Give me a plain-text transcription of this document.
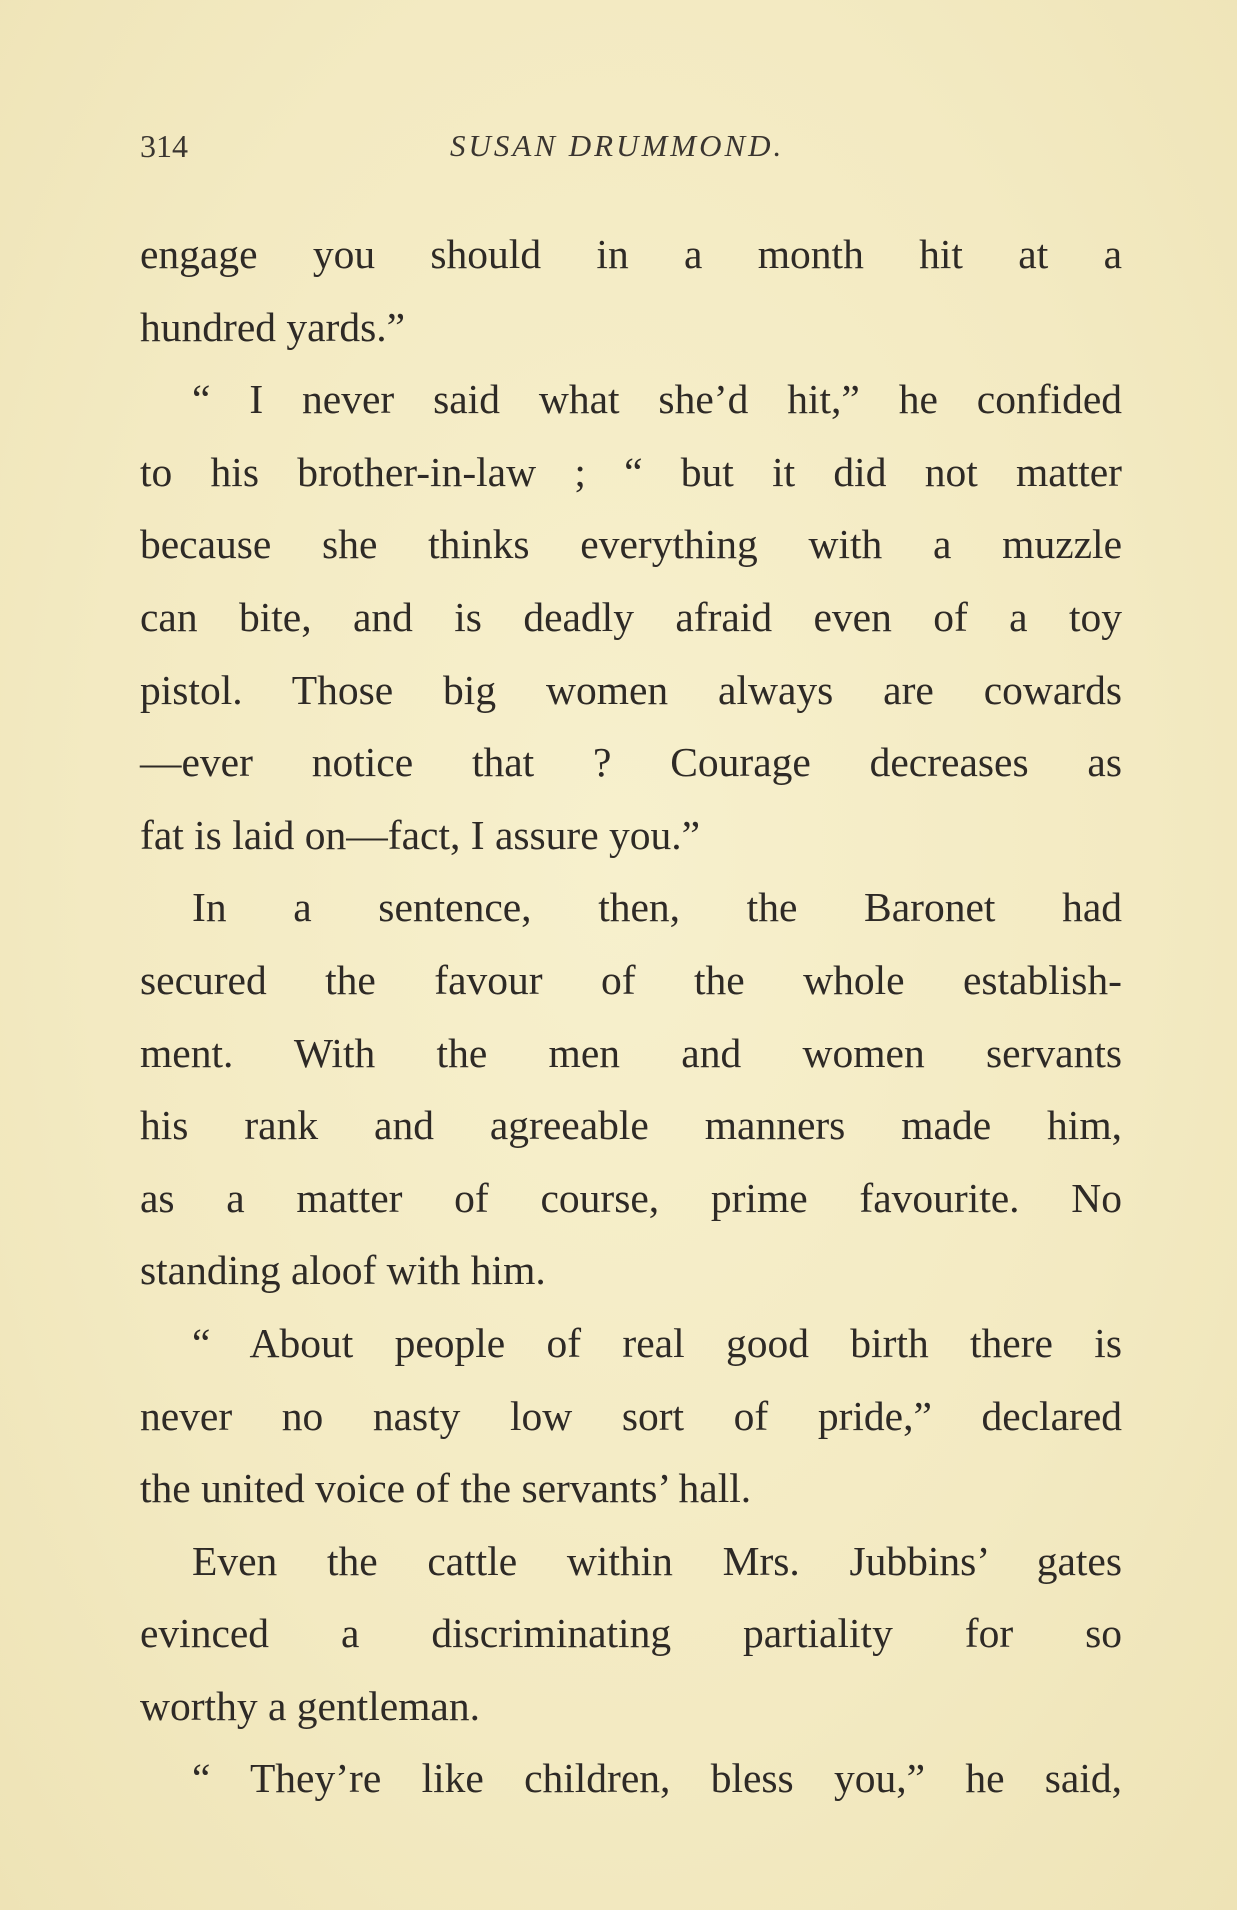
314	SUSAN DRUMMOND.
engage you should in a month hit at a
hundred yards.”
“ I never said what she’d hit,” he confided
to his brother-in-law ; “ but it did not matter
because she thinks everything with a muzzle
can bite, and is deadly afraid even of a toy
pistol. Those big women always are cowards
—ever notice that ? Courage decreases as
fat is laid on—fact, I assure you.”
In a sentence, then, the Baronet had
secured the favour of the whole establish-
ment. With the men and women servants
his rank and agreeable manners made him,
as a matter of course, prime favourite. No
standing aloof with him.
“ About people of real good birth there is
never no nasty low sort of pride,” declared
the united voice of the servants’ hall.
Even the cattle within Mrs. Jubbins’ gates
evinced a discriminating partiality for so
worthy a gentleman.
“ They’re like children, bless you,” he said,
